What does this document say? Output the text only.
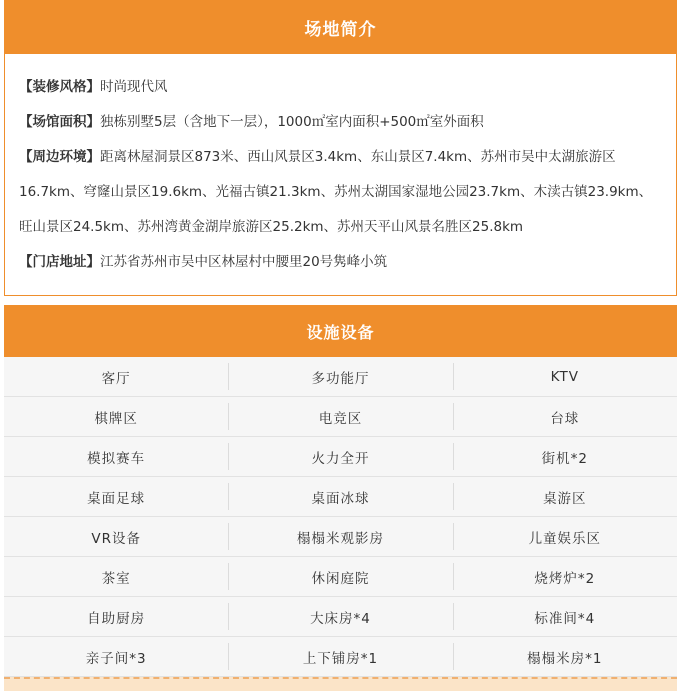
场地简介

【装修风格】时尚现代风

【场馆面积】独栋别墅5层（含地下一层），1000㎡室内面积+500㎡室外面积

【周边环境】距离林屋洞景区873米、西山风景区3.4km、东山景区7.4km、苏州市吴中太湖旅游区16.7km、穹窿山景区19.6km、光福古镇21.3km、苏州太湖国家湿地公园23.7km、木渎古镇23.9km、旺山景区24.5km、苏州湾黄金湖岸旅游区25.2km、苏州天平山风景名胜区25.8km

【门店地址】江苏省苏州市吴中区林屋村中腰里20号隽峰小筑

设施设备
客厅	多功能厅	KTV
棋牌区	电竞区	台球
模拟赛车	火力全开	街机*2
桌面足球	桌面冰球	桌游区
VR设备	榻榻米观影房	儿童娱乐区
茶室	休闲庭院	烧烤炉*2
自助厨房	大床房*4	标准间*4
亲子间*3	上下铺房*1	榻榻米房*1
